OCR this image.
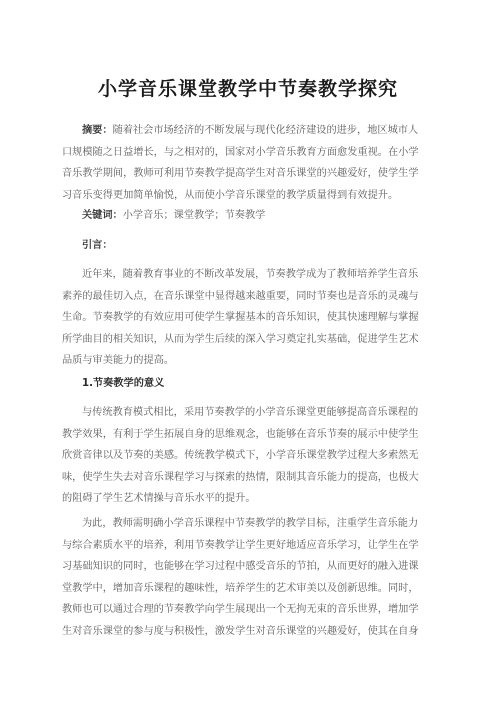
小学音乐课堂教学中节奏教学探究
摘要：随着社会市场经济的不断发展与现代化经济建设的进步，地区城市人
口规模随之日益增长，与之相对的，国家对小学音乐教育方面愈发重视。在小学
音乐教学期间，教师可利用节奏教学提高学生对音乐课堂的兴趣爱好，使学生学
习音乐变得更加简单愉悦，从而使小学音乐课堂的教学质量得到有效提升。
关键词：小学音乐；课堂教学；节奏教学
引言：
近年来，随着教育事业的不断改革发展，节奏教学成为了教师培养学生音乐
素养的最佳切入点，在音乐课堂中显得越来越重要，同时节奏也是音乐的灵魂与
生命。节奏教学的有效应用可使学生掌握基本的音乐知识，使其快速理解与掌握
所学曲目的相关知识，从而为学生后续的深入学习奠定扎实基础，促进学生艺术
品质与审美能力的提高。
1.节奏教学的意义
与传统教育模式相比，采用节奏教学的小学音乐课堂更能够提高音乐课程的
教学效果，有利于学生拓展自身的思维观念，也能够在音乐节奏的展示中使学生
欣赏音律以及节奏的美感。传统教学模式下，小学音乐课堂教学过程大多索然无
味，使学生失去对音乐课程学习与探索的热情，限制其音乐能力的提高，也极大
的阻碍了学生艺术情操与音乐水平的提升。
为此，教师需明确小学音乐课程中节奏教学的教学目标，注重学生音乐能力
与综合素质水平的培养，利用节奏教学让学生更好地适应音乐学习，让学生在学
习基础知识的同时，也能够在学习过程中感受音乐的节拍，从而更好的融入进课
堂教学中，增加音乐课程的趣味性，培养学生的艺术审美以及创新思维。同时，
教师也可以通过合理的节奏教学向学生展现出一个无拘无束的音乐世界，增加学
生对音乐课堂的参与度与积极性，激发学生对音乐课堂的兴趣爱好，使其在自身
